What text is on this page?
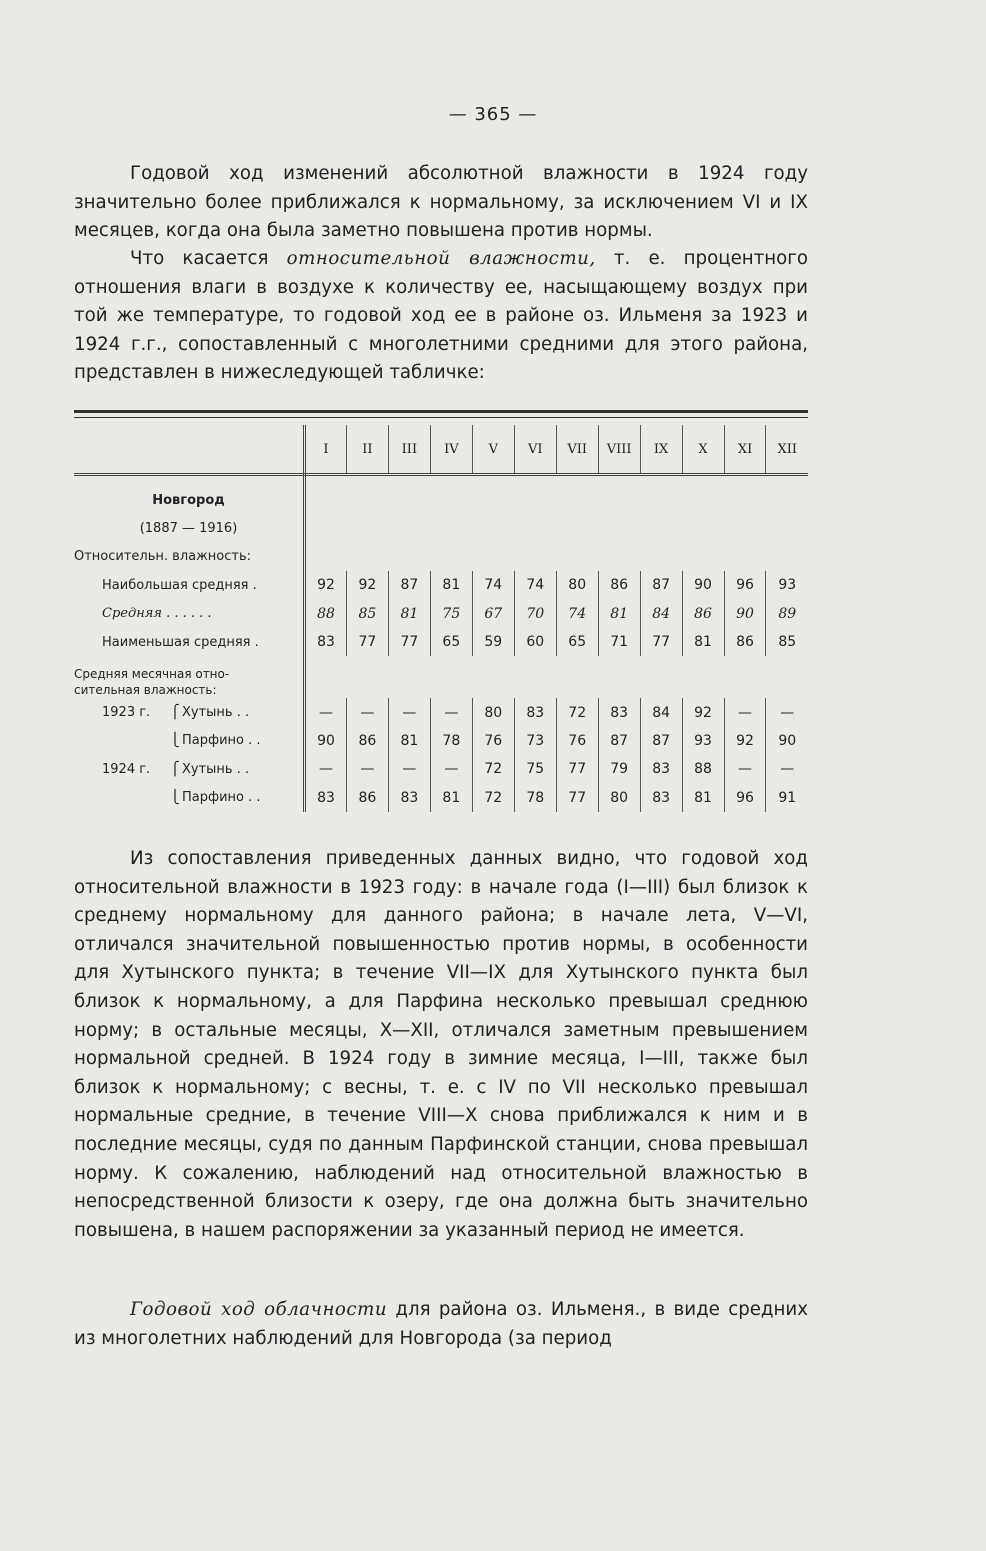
— 365 —

Годовой ход изменений абсолютной влажности в 1924 году значительно более приближался к нормальному, за исключением VI и IX месяцев, когда она была заметно повышена против нормы.

Что касается относительной влажности, т. е. процентного отношения влаги в воздухе к количеству ее, насыщающему воздух при той же температуре, то годовой ход ее в районе оз. Ильменя за 1923 и 1924 г.г., сопоставленный с многолетними средними для этого района, представлен в нижеследующей табличке:

	I	II	III	IV	V	VI	VII	VIII	IX	X	XI	XII

Новгород												
(1887 — 1916)												
Относительн. влажность:												
Наибольшая средняя .	92	92	87	81	74	74	80	86	87	90	96	93
Средняя . . . . . .	88	85	81	75	67	70	74	81	84	86	90	89
Наименьшая средняя .	83	77	77	65	59	60	65	71	77	81	86	85

Средняя месячная отно-
сительная влажность:												
1923 г. ⎧ Хутынь . .	—	—	—	—	80	83	72	83	84	92	—	—
⎩ Парфино . .	90	86	81	78	76	73	76	87	87	93	92	90
1924 г. ⎧ Хутынь . .	—	—	—	—	72	75	77	79	83	88	—	—
⎩ Парфино . .	83	86	83	81	72	78	77	80	83	81	96	91

Из сопоставления приведенных данных видно, что годовой ход относительной влажности в 1923 году: в начале года (I—III) был близок к среднему нормальному для данного района; в начале лета, V—VI, отличался значительной повышенностью против нормы, в особенности для Хутынского пункта; в течение VII—IX для Хутынского пункта был близок к нормальному, а для Парфина несколько превышал среднюю норму; в остальные месяцы, X—XII, отличался заметным превышением нормальной средней. В 1924 году в зимние месяца, I—III, также был близок к нормальному; с весны, т. е. с IV по VII несколько превышал нормальные средние, в течение VIII—X снова приближался к ним и в последние месяцы, судя по данным Парфинской станции, снова превышал норму. К сожалению, наблюдений над относительной влажностью в непосредственной близости к озеру, где она должна быть значительно повышена, в нашем распоряжении за указанный период не имеется.

Годовой ход облачности для района оз. Ильменя., в виде средних из многолетних наблюдений для Новгорода (за период
